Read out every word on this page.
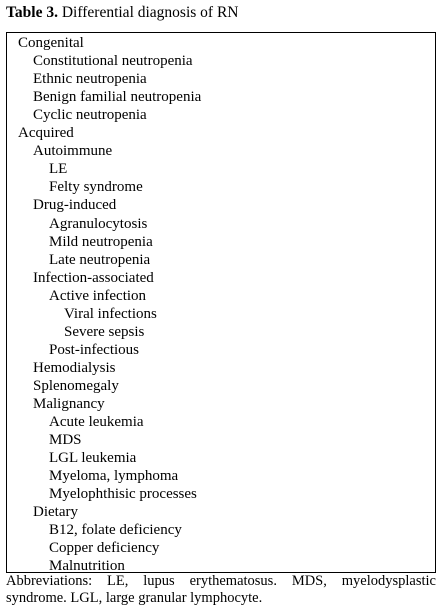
Table 3. Differential diagnosis of RN
Congenital
Constitutional neutropenia
Ethnic neutropenia
Benign familial neutropenia
Cyclic neutropenia
Acquired
Autoimmune
LE
Felty syndrome
Drug-induced
Agranulocytosis
Mild neutropenia
Late neutropenia
Infection-associated
Active infection
Viral infections
Severe sepsis
Post-infectious
Hemodialysis
Splenomegaly
Malignancy
Acute leukemia
MDS
LGL leukemia
Myeloma, lymphoma
Myelophthisic processes
Dietary
B12, folate deficiency
Copper deficiency
Malnutrition
Abbreviations: LE, lupus erythematosus. MDS, myelodysplastic syndrome. LGL, large granular lymphocyte.
